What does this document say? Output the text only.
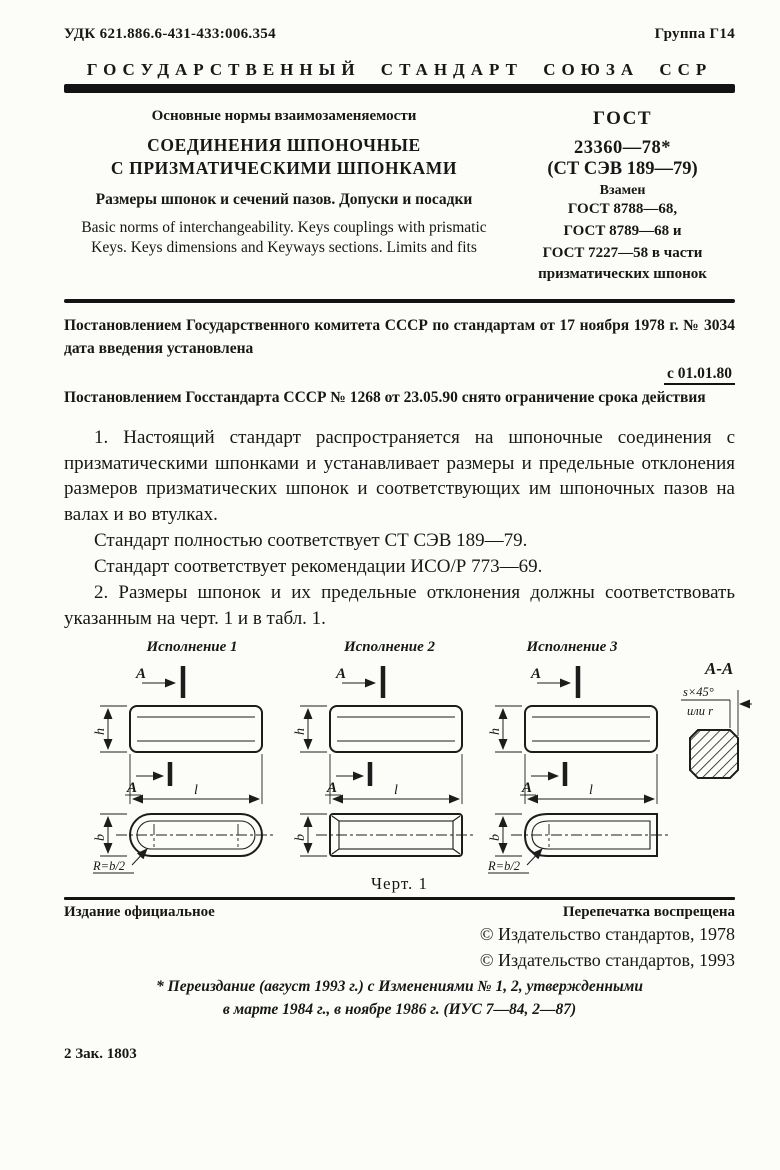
УДК 621.886.6-431-433:006.354	Группа Г14
ГОСУДАРСТВЕННЫЙ СТАНДАРТ СОЮЗА ССР
Основные нормы взаимозаменяемости
СОЕДИНЕНИЯ ШПОНОЧНЫЕ
С ПРИЗМАТИЧЕСКИМИ ШПОНКАМИ
Размеры шпонок и сечений пазов. Допуски и посадки
Basic norms of interchangeability. Keys couplings with prismatic Keys. Keys dimensions and Keyways sections. Limits and fits
ГОСТ
23360—78*
(СТ СЭВ 189—79)
Взамен
ГОСТ 8788—68,
ГОСТ 8789—68 и
ГОСТ 7227—58 в части
призматических шпонок

Постановлением Государственного комитета СССР по стандартам от 17 ноября 1978 г. № 3034 дата введения установлена

с 01.01.80

Постановлением Госстандарта СССР № 1268 от 23.05.90 снято ограничение срока действия

1. Настоящий стандарт распространяется на шпоночные соединения с призматическими шпонками и устанавливает размеры и предельные отклонения размеров призматических шпонок и соответствующих им шпоночных пазов на валах и во втулках.

Стандарт полностью соответствует СТ СЭВ 189—79.

Стандарт соответствует рекомендации ИСО/Р 773—69.

2. Размеры шпонок и их предельные отклонения должны соответствовать указанным на черт. 1 и в табл. 1.

Исполнение 1
A
h
A	l
b
R=b/2
Исполнение 2
A
h
A	l
b
Исполнение 3
A
h
A	l
b
R=b/2
A-A
s×45°
или r
Черт. 1
Издание официальное	Перепечатка воспрещена
© Издательство стандартов, 1978
© Издательство стандартов, 1993
* Переиздание (август 1993 г.) с Изменениями № 1, 2, утвержденными
в марте 1984 г., в ноябре 1986 г. (ИУС 7—84, 2—87)
2 Зак. 1803
